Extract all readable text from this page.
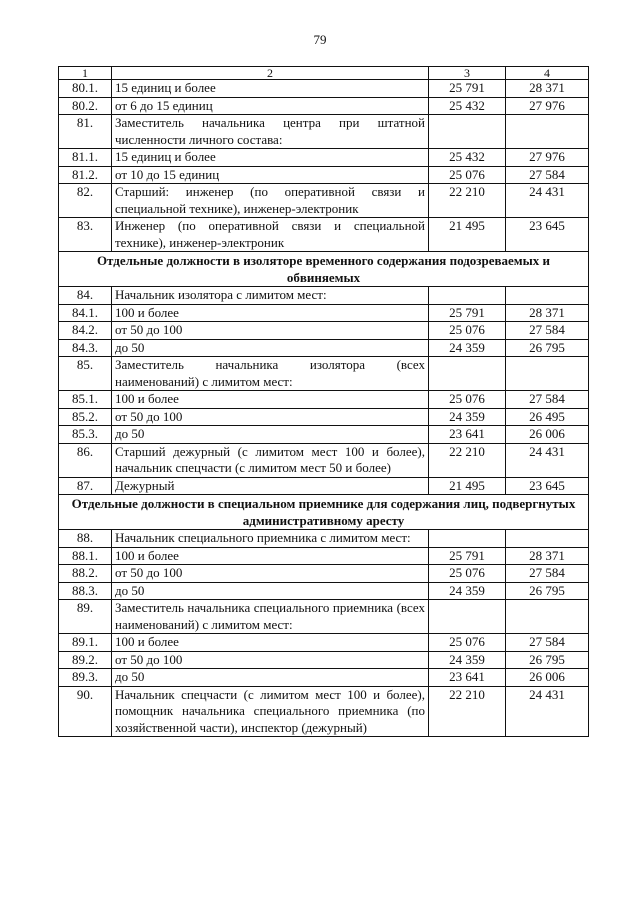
79
1	2	3	4
80.1.	15 единиц и более	25 791	28 371
80.2.	от 6 до 15 единиц	25 432	27 976
81.	Заместитель начальника центра при штатной численности личного состава:		
81.1.	15 единиц и более	25 432	27 976
81.2.	от 10 до 15 единиц	25 076	27 584
82.	Старший: инженер (по оперативной связи и специальной технике), инженер-электроник	22 210	24 431
83.	Инженер (по оперативной связи и специальной технике), инженер-электроник	21 495	23 645
Отдельные должности в изоляторе временного содержания подозреваемых и обвиняемых			
84.	Начальник изолятора с лимитом мест:		
84.1.	100 и более	25 791	28 371
84.2.	от 50 до 100	25 076	27 584
84.3.	до 50	24 359	26 795
85.	Заместитель начальника изолятора (всех наименований) с лимитом мест:		
85.1.	100 и более	25 076	27 584
85.2.	от 50 до 100	24 359	26 495
85.3.	до 50	23 641	26 006
86.	Старший дежурный (с лимитом мест 100 и более), начальник спецчасти (с лимитом мест 50 и более)	22 210	24 431
87.	Дежурный	21 495	23 645
Отдельные должности в специальном приемнике для содержания лиц, подвергнутых административному аресту			
88.	Начальник специального приемника с лимитом мест:		
88.1.	100 и более	25 791	28 371
88.2.	от 50 до 100	25 076	27 584
88.3.	до 50	24 359	26 795
89.	Заместитель начальника специального приемника (всех наименований) с лимитом мест:		
89.1.	100 и более	25 076	27 584
89.2.	от 50 до 100	24 359	26 795
89.3.	до 50	23 641	26 006
90.	Начальник спецчасти (с лимитом мест 100 и более), помощник начальника специального приемника (по хозяйственной части), инспектор (дежурный)	22 210	24 431
